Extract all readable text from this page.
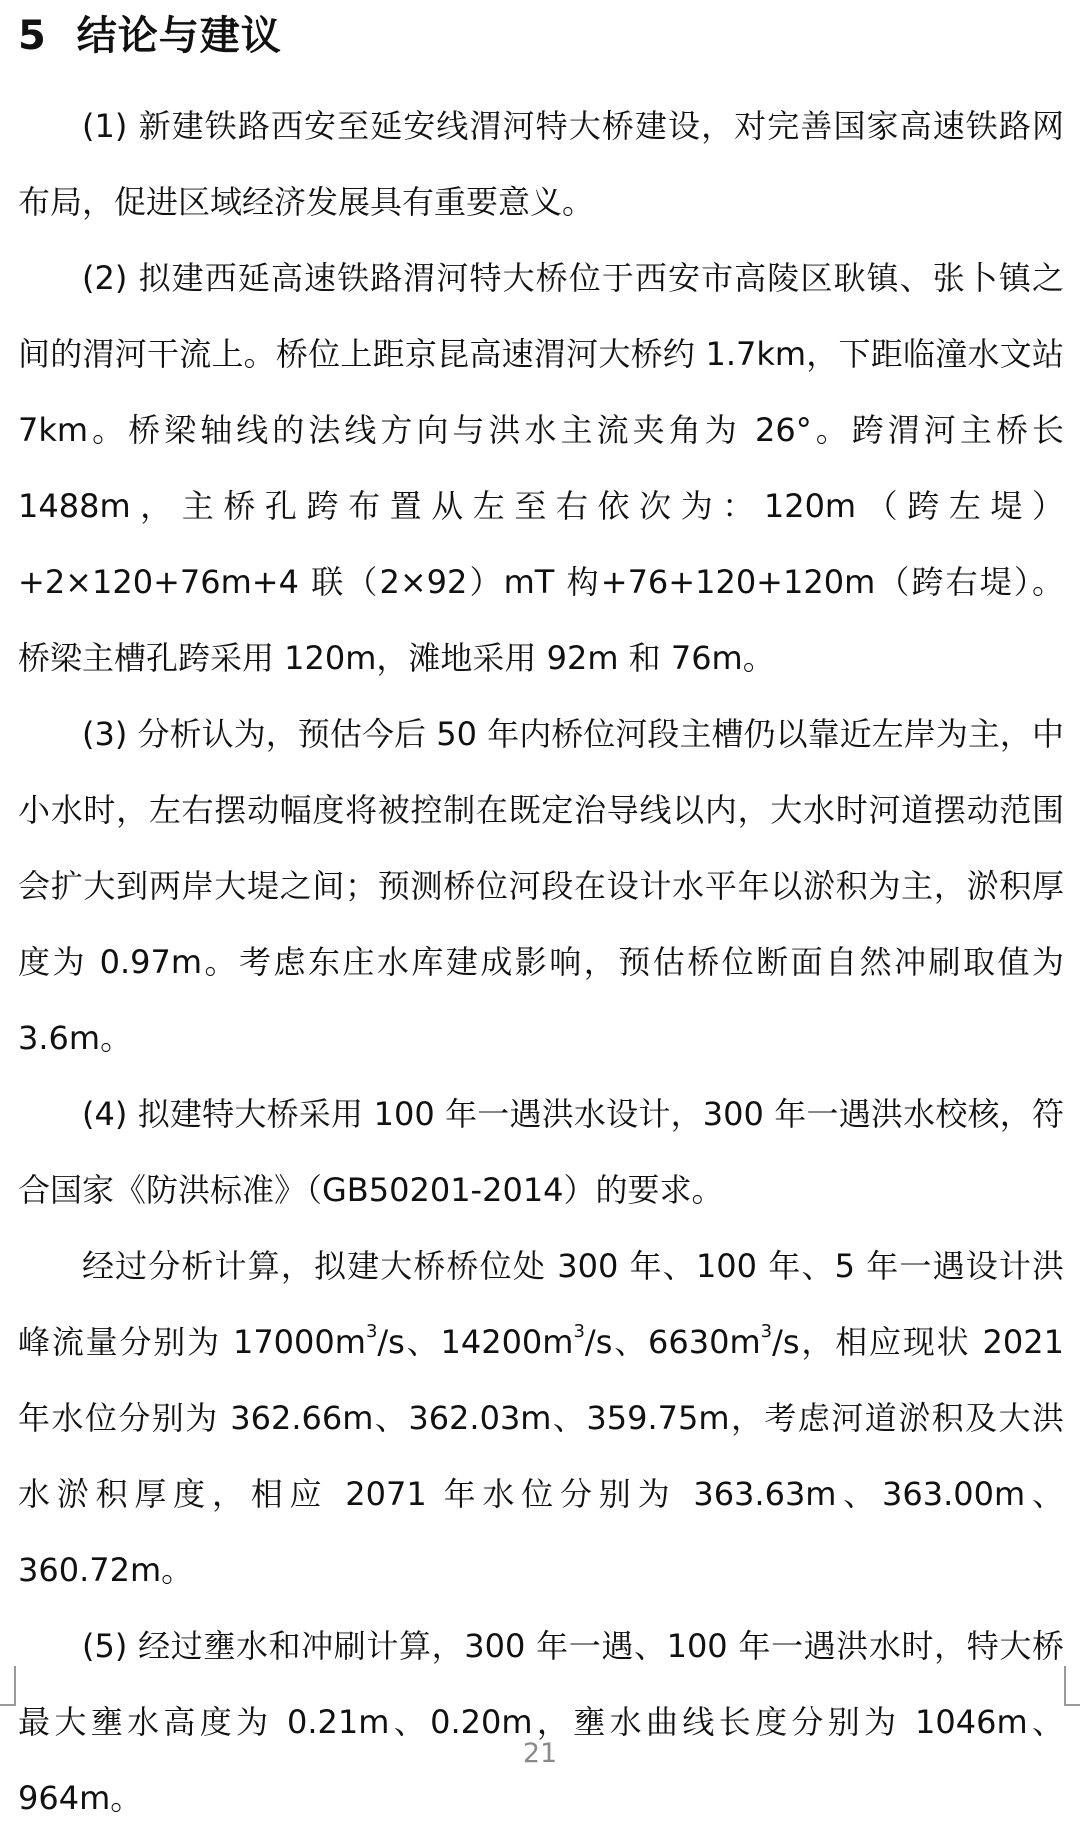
5 结论与建议

(1) 新建铁路西安至延安线渭河特大桥建设，对完善国家高速铁路网布局，促进区域经济发展具有重要意义。

(2) 拟建西延高速铁路渭河特大桥位于西安市高陵区耿镇、张卜镇之间的渭河干流上。桥位上距京昆高速渭河大桥约 1.7km，下距临潼水文站 7km。桥梁轴线的法线方向与洪水主流夹角为 26°。跨渭河主桥长 1488m，主桥孔跨布置从左至右依次为：120m（跨左堤）+2×120+76m+4 联（2×92）mT 构+76+120+120m（跨右堤）。桥梁主槽孔跨采用 120m，滩地采用 92m 和 76m。

(3) 分析认为，预估今后 50 年内桥位河段主槽仍以靠近左岸为主，中小水时，左右摆动幅度将被控制在既定治导线以内，大水时河道摆动范围会扩大到两岸大堤之间；预测桥位河段在设计水平年以淤积为主，淤积厚度为 0.97m。考虑东庄水库建成影响，预估桥位断面自然冲刷取值为 3.6m。

(4) 拟建特大桥采用 100 年一遇洪水设计，300 年一遇洪水校核，符合国家《防洪标准》（GB50201-2014）的要求。

经过分析计算，拟建大桥桥位处 300 年、100 年、5 年一遇设计洪峰流量分别为 $17000m^3/s$、$14200m^3/s$、$6630m^3/s$，相应现状 2021 年水位分别为 362.66m、362.03m、359.75m，考虑河道淤积及大洪水淤积厚度，相应 2071 年水位分别为 363.63m、363.00m、360.72m。

(5) 经过壅水和冲刷计算，300 年一遇、100 年一遇洪水时，特大桥最大壅水高度为 0.21m、0.20m，壅水曲线长度分别为 1046m、964m。

21
